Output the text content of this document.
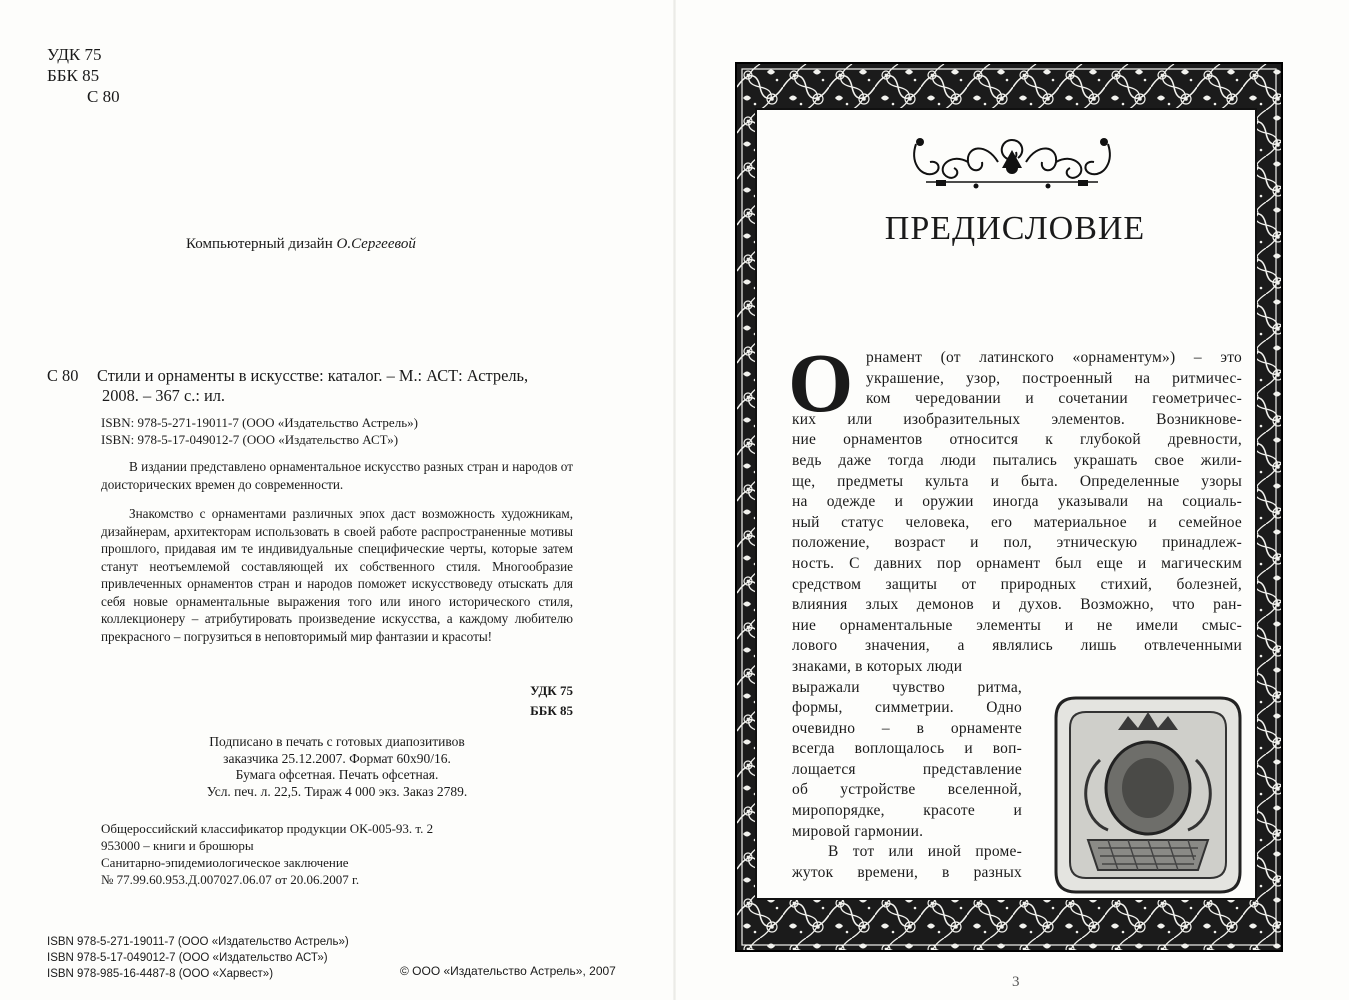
УДК 75
ББК 85
С 80
Компьютерный дизайн О.Сергеевой
С 80 Стили и орнаменты в искусстве: каталог. – М.: АСТ: Астрель,
2008. – 367 с.: ил.
ISBN: 978-5-271-19011-7 (ООО «Издательство Астрель»)
ISBN: 978-5-17-049012-7 (ООО «Издательство АСТ»)

В издании представлено орнаментальное искусство разных стран и народов от доисторических времен до современности.

Знакомство с орнаментами различных эпох даст возможность художникам, дизайнерам, архитекторам использовать в своей работе распространенные мотивы прошлого, придавая им те индивидуальные специфические черты, которые затем станут неотъемлемой составляющей их собственного стиля. Многообразие привлеченных орнаментов стран и народов поможет искусствоведу отыскать для себя новые орнаментальные выражения того или иного исторического стиля, коллекционеру – атрибутировать произведение искусства, а каждому любителю прекрасного – погрузиться в неповторимый мир фантазии и красоты!

УДК 75
ББК 85
Подписано в печать с готовых диапозитивов
заказчика 25.12.2007. Формат 60х90/16.
Бумага офсетная. Печать офсетная.
Усл. печ. л. 22,5. Тираж 4 000 экз. Заказ 2789.
Общероссийский классификатор продукции ОК-005-93. т. 2
953000 – книги и брошюры
Санитарно-эпидемиологическое заключение
№ 77.99.60.953.Д.007027.06.07 от 20.06.2007 г.
ISBN 978-5-271-19011-7 (ООО «Издательство Астрель»)
ISBN 978-5-17-049012-7 (ООО «Издательство АСТ»)
ISBN 978-985-16-4487-8 (ООО «Харвест»)	© ООО «Издательство Астрель», 2007
ПРЕДИСЛОВИЕ
О рнамент (от латинского «орнаментум») – это
украшение, узор, построенный на ритмичес-
ком чередовании и сочетании геометричес-
ких или изобразительных элементов. Возникнове-
ние орнаментов относится к глубокой древности,
ведь даже тогда люди пытались украшать свое жили-
ще, предметы культа и быта. Определенные узоры
на одежде и оружии иногда указывали на социаль-
ный статус человека, его материальное и семейное
положение, возраст и пол, этническую принадлеж-
ность. С давних пор орнамент был еще и магическим
средством защиты от природных стихий, болезней,
влияния злых демонов и духов. Возможно, что ран-
ние орнаментальные элементы и не имели смыс-
лового значения, а являлись лишь отвлеченными
знаками, в которых люди
выражали чувство ритма,
формы, симметрии. Одно
очевидно – в орнаменте
всегда воплощалось и воп-
лощается представление
об устройстве вселенной,
миропорядке, красоте и
мировой гармонии.
В тот или иной проме-
жуток времени, в разных
3
